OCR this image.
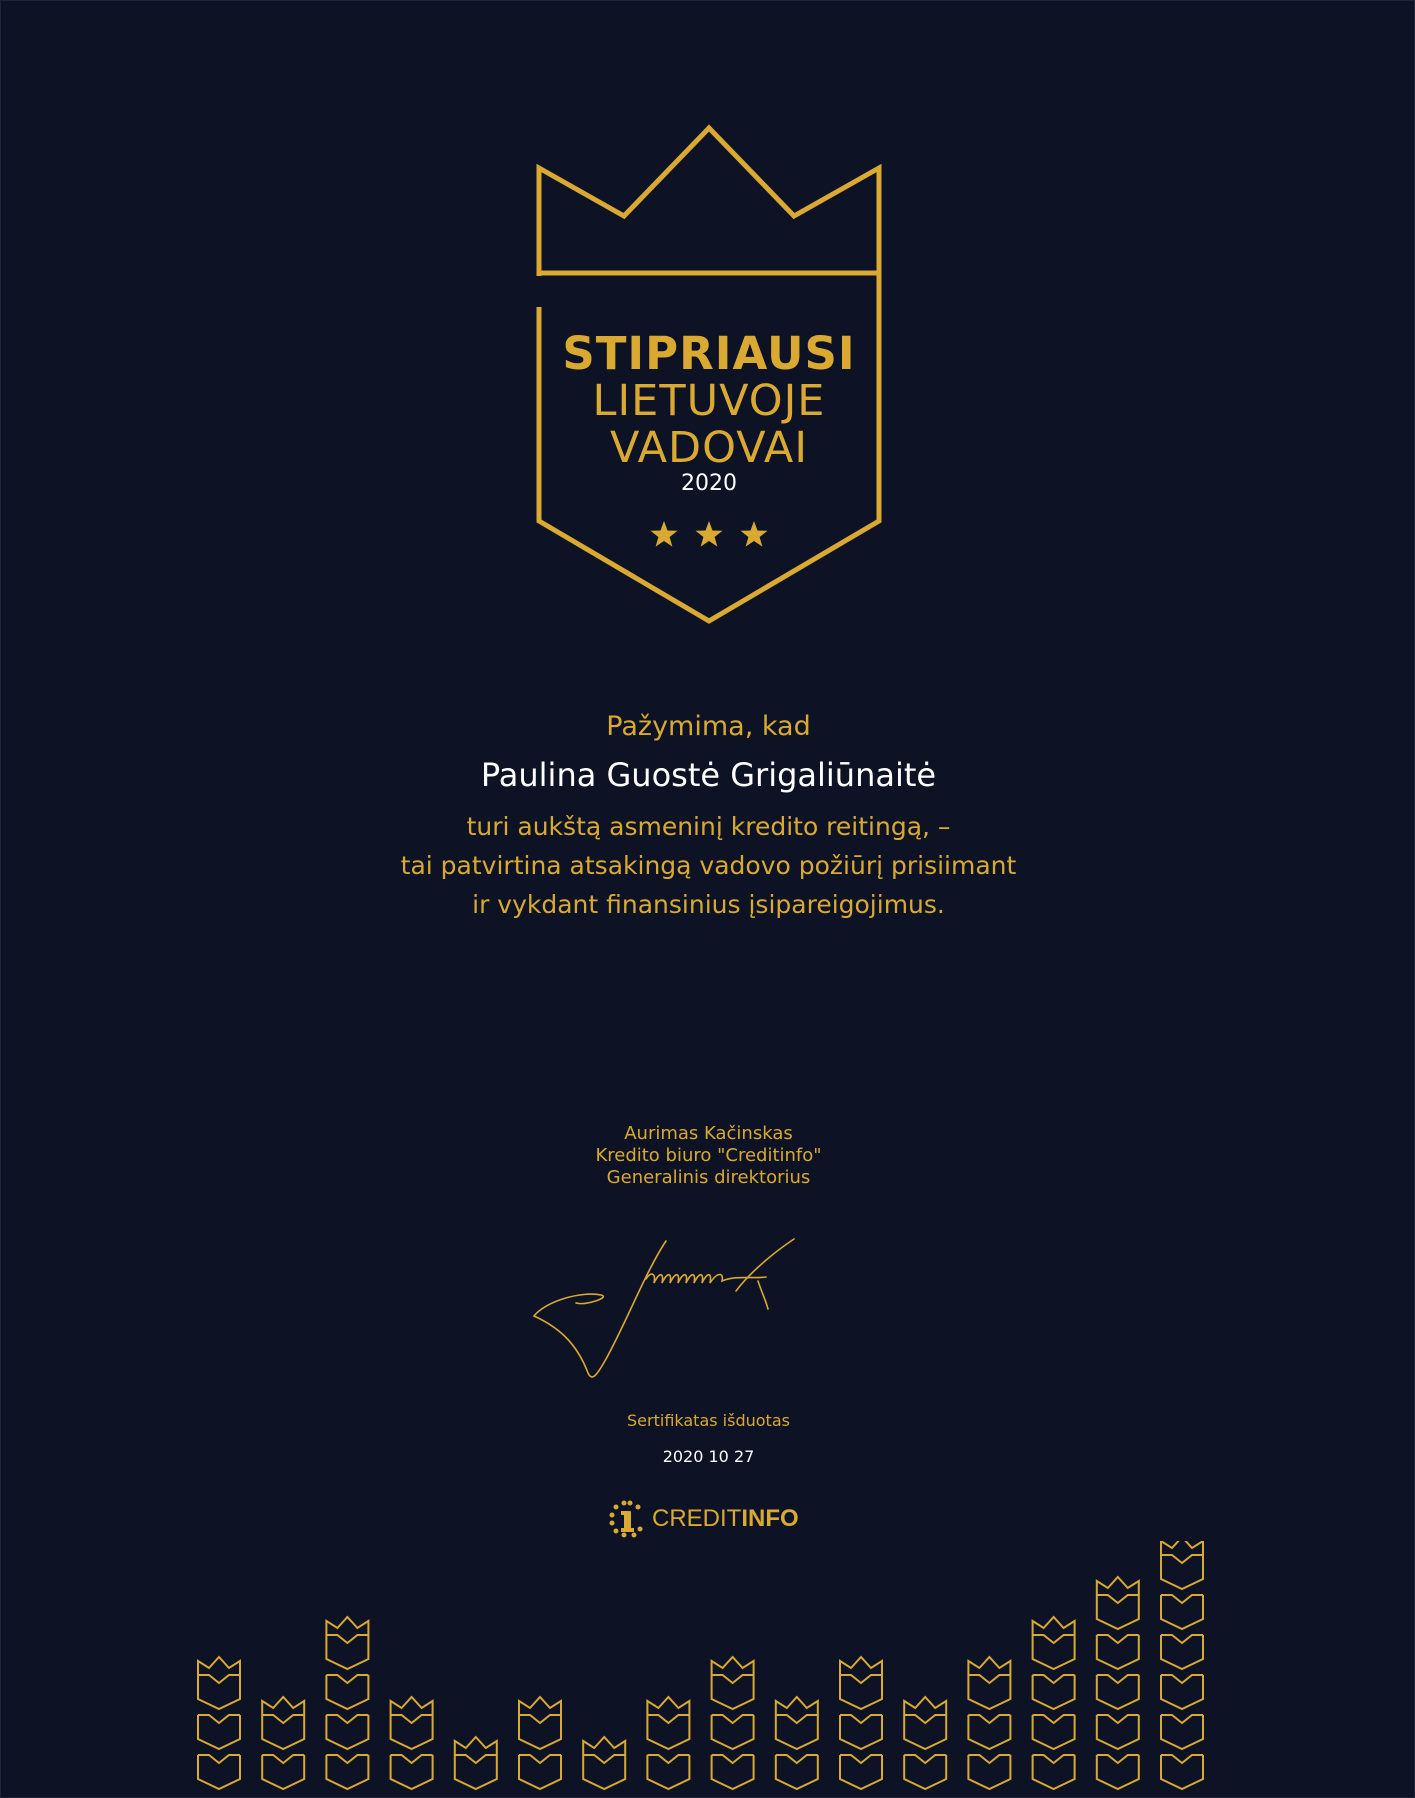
STIPRIAUSI
LIETUVOJE
VADOVAI
2020
Pažymima, kad
Paulina Guostė Grigaliūnaitė
turi aukštą asmeninį kredito reitingą, –
tai patvirtina atsakingą vadovo požiūrį prisiimant
ir vykdant finansinius įsipareigojimus.
Aurimas Kačinskas
Kredito biuro "Creditinfo"
Generalinis direktorius
Sertifikatas išduotas
2020 10 27
CREDITINFO
